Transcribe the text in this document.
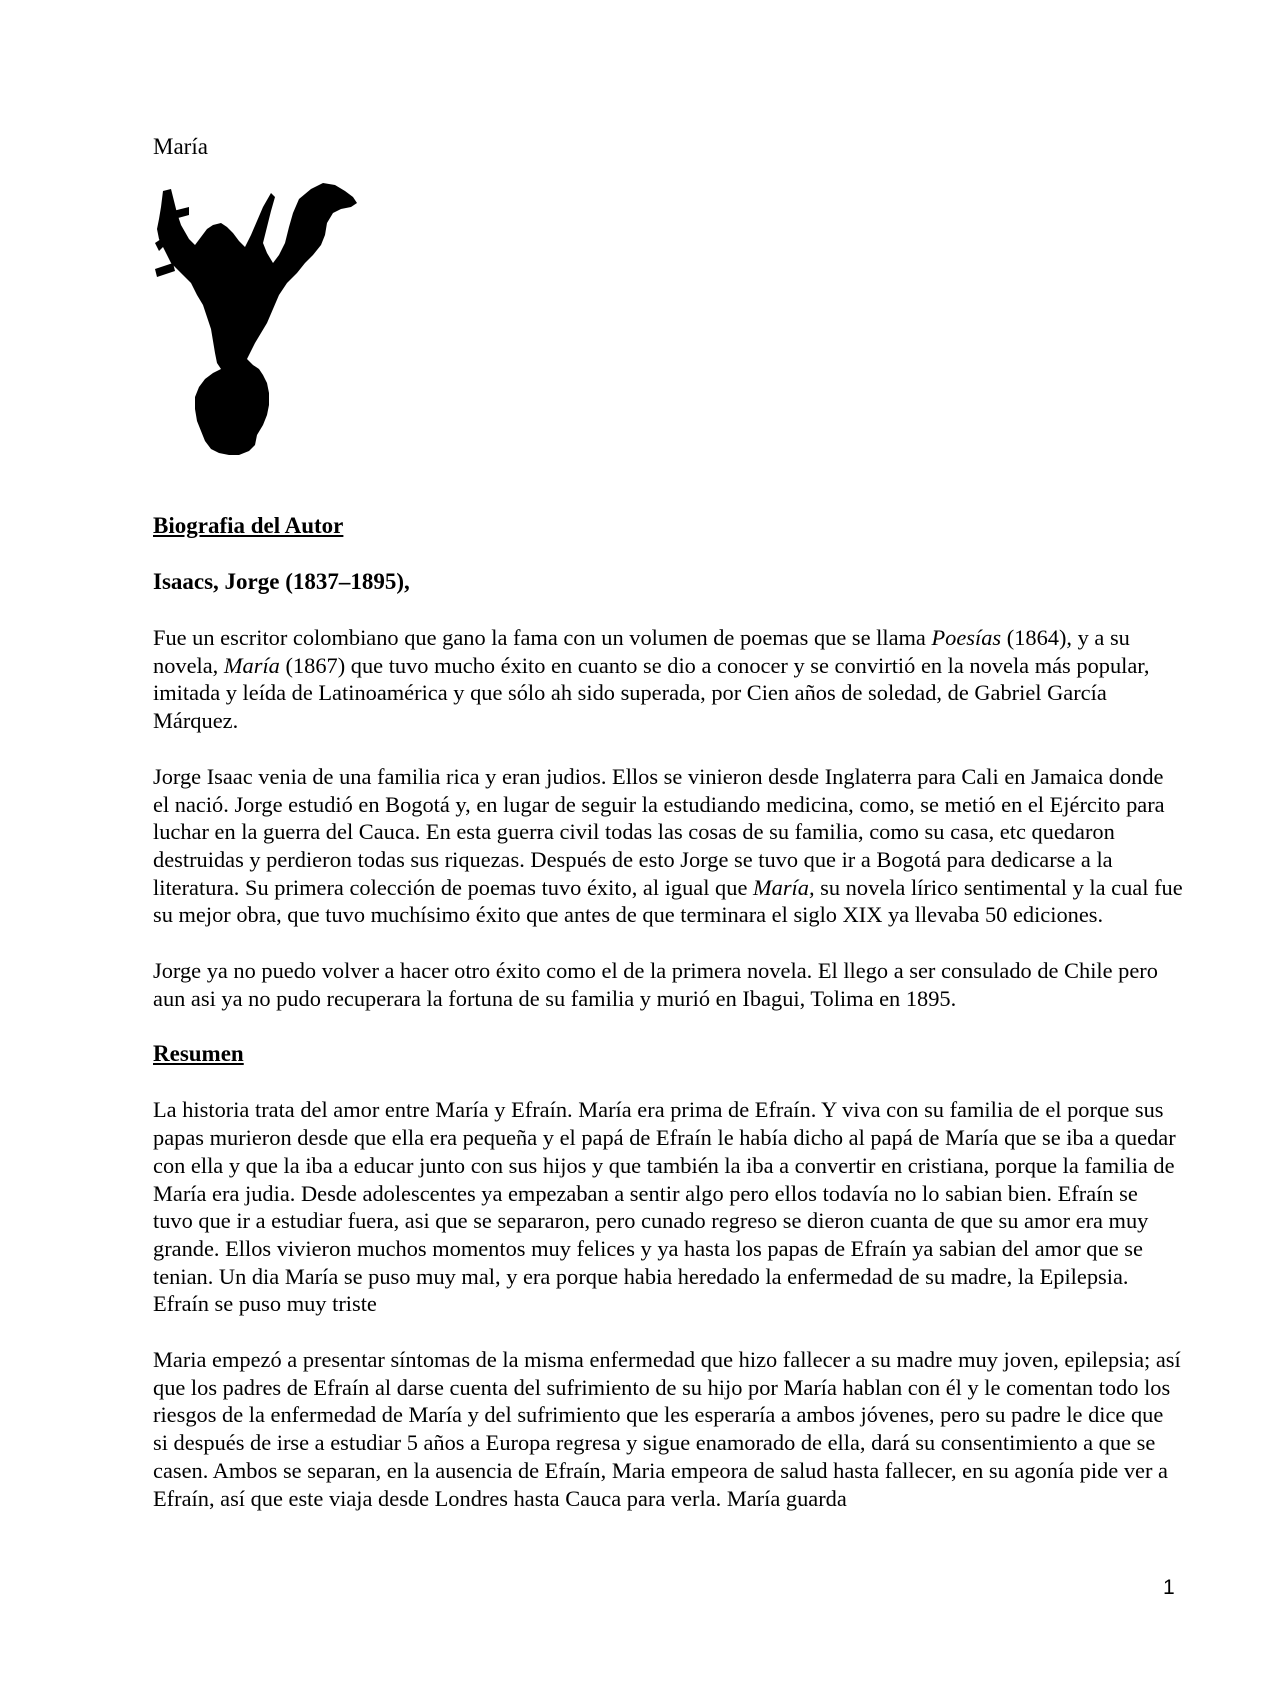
María
Biografia del Autor
Isaacs, Jorge (1837–1895),

Fue un escritor colombiano que gano la fama con un volumen de poemas que se llama Poesías (1864), y a su novela, María (1867) que tuvo mucho éxito en cuanto se dio a conocer y se convirtió en la novela más popular, imitada y leída de Latinoamérica y que sólo ah sido superada, por Cien años de soledad, de Gabriel García Márquez.

Jorge Isaac venia de una familia rica y eran judios. Ellos se vinieron desde Inglaterra para Cali en Jamaica donde el nació. Jorge estudió en Bogotá y, en lugar de seguir la estudiando medicina, como, se metió en el Ejército para luchar en la guerra del Cauca. En esta guerra civil todas las cosas de su familia, como su casa, etc quedaron destruidas y perdieron todas sus riquezas. Después de esto Jorge se tuvo que ir a Bogotá para dedicarse a la literatura. Su primera colección de poemas tuvo éxito, al igual que María, su novela lírico sentimental y la cual fue su mejor obra, que tuvo muchísimo éxito que antes de que terminara el siglo XIX ya llevaba 50 ediciones.

Jorge ya no puedo volver a hacer otro éxito como el de la primera novela. El llego a ser consulado de Chile pero aun asi ya no pudo recuperara la fortuna de su familia y murió en Ibagui, Tolima en 1895.

Resumen

La historia trata del amor entre María y Efraín. María era prima de Efraín. Y viva con su familia de el porque sus papas murieron desde que ella era pequeña y el papá de Efraín le había dicho al papá de María que se iba a quedar con ella y que la iba a educar junto con sus hijos y que también la iba a convertir en cristiana, porque la familia de María era judia. Desde adolescentes ya empezaban a sentir algo pero ellos todavía no lo sabian bien. Efraín se tuvo que ir a estudiar fuera, asi que se separaron, pero cunado regreso se dieron cuanta de que su amor era muy grande. Ellos vivieron muchos momentos muy felices y ya hasta los papas de Efraín ya sabian del amor que se tenian. Un dia María se puso muy mal, y era porque habia heredado la enfermedad de su madre, la Epilepsia. Efraín se puso muy triste

Maria empezó a presentar síntomas de la misma enfermedad que hizo fallecer a su madre muy joven, epilepsia; así que los padres de Efraín al darse cuenta del sufrimiento de su hijo por María hablan con él y le comentan todo los riesgos de la enfermedad de María y del sufrimiento que les esperaría a ambos jóvenes, pero su padre le dice que si después de irse a estudiar 5 años a Europa regresa y sigue enamorado de ella, dará su consentimiento a que se casen. Ambos se separan, en la ausencia de Efraín, Maria empeora de salud hasta fallecer, en su agonía pide ver a Efraín, así que este viaja desde Londres hasta Cauca para verla. María guarda

1
